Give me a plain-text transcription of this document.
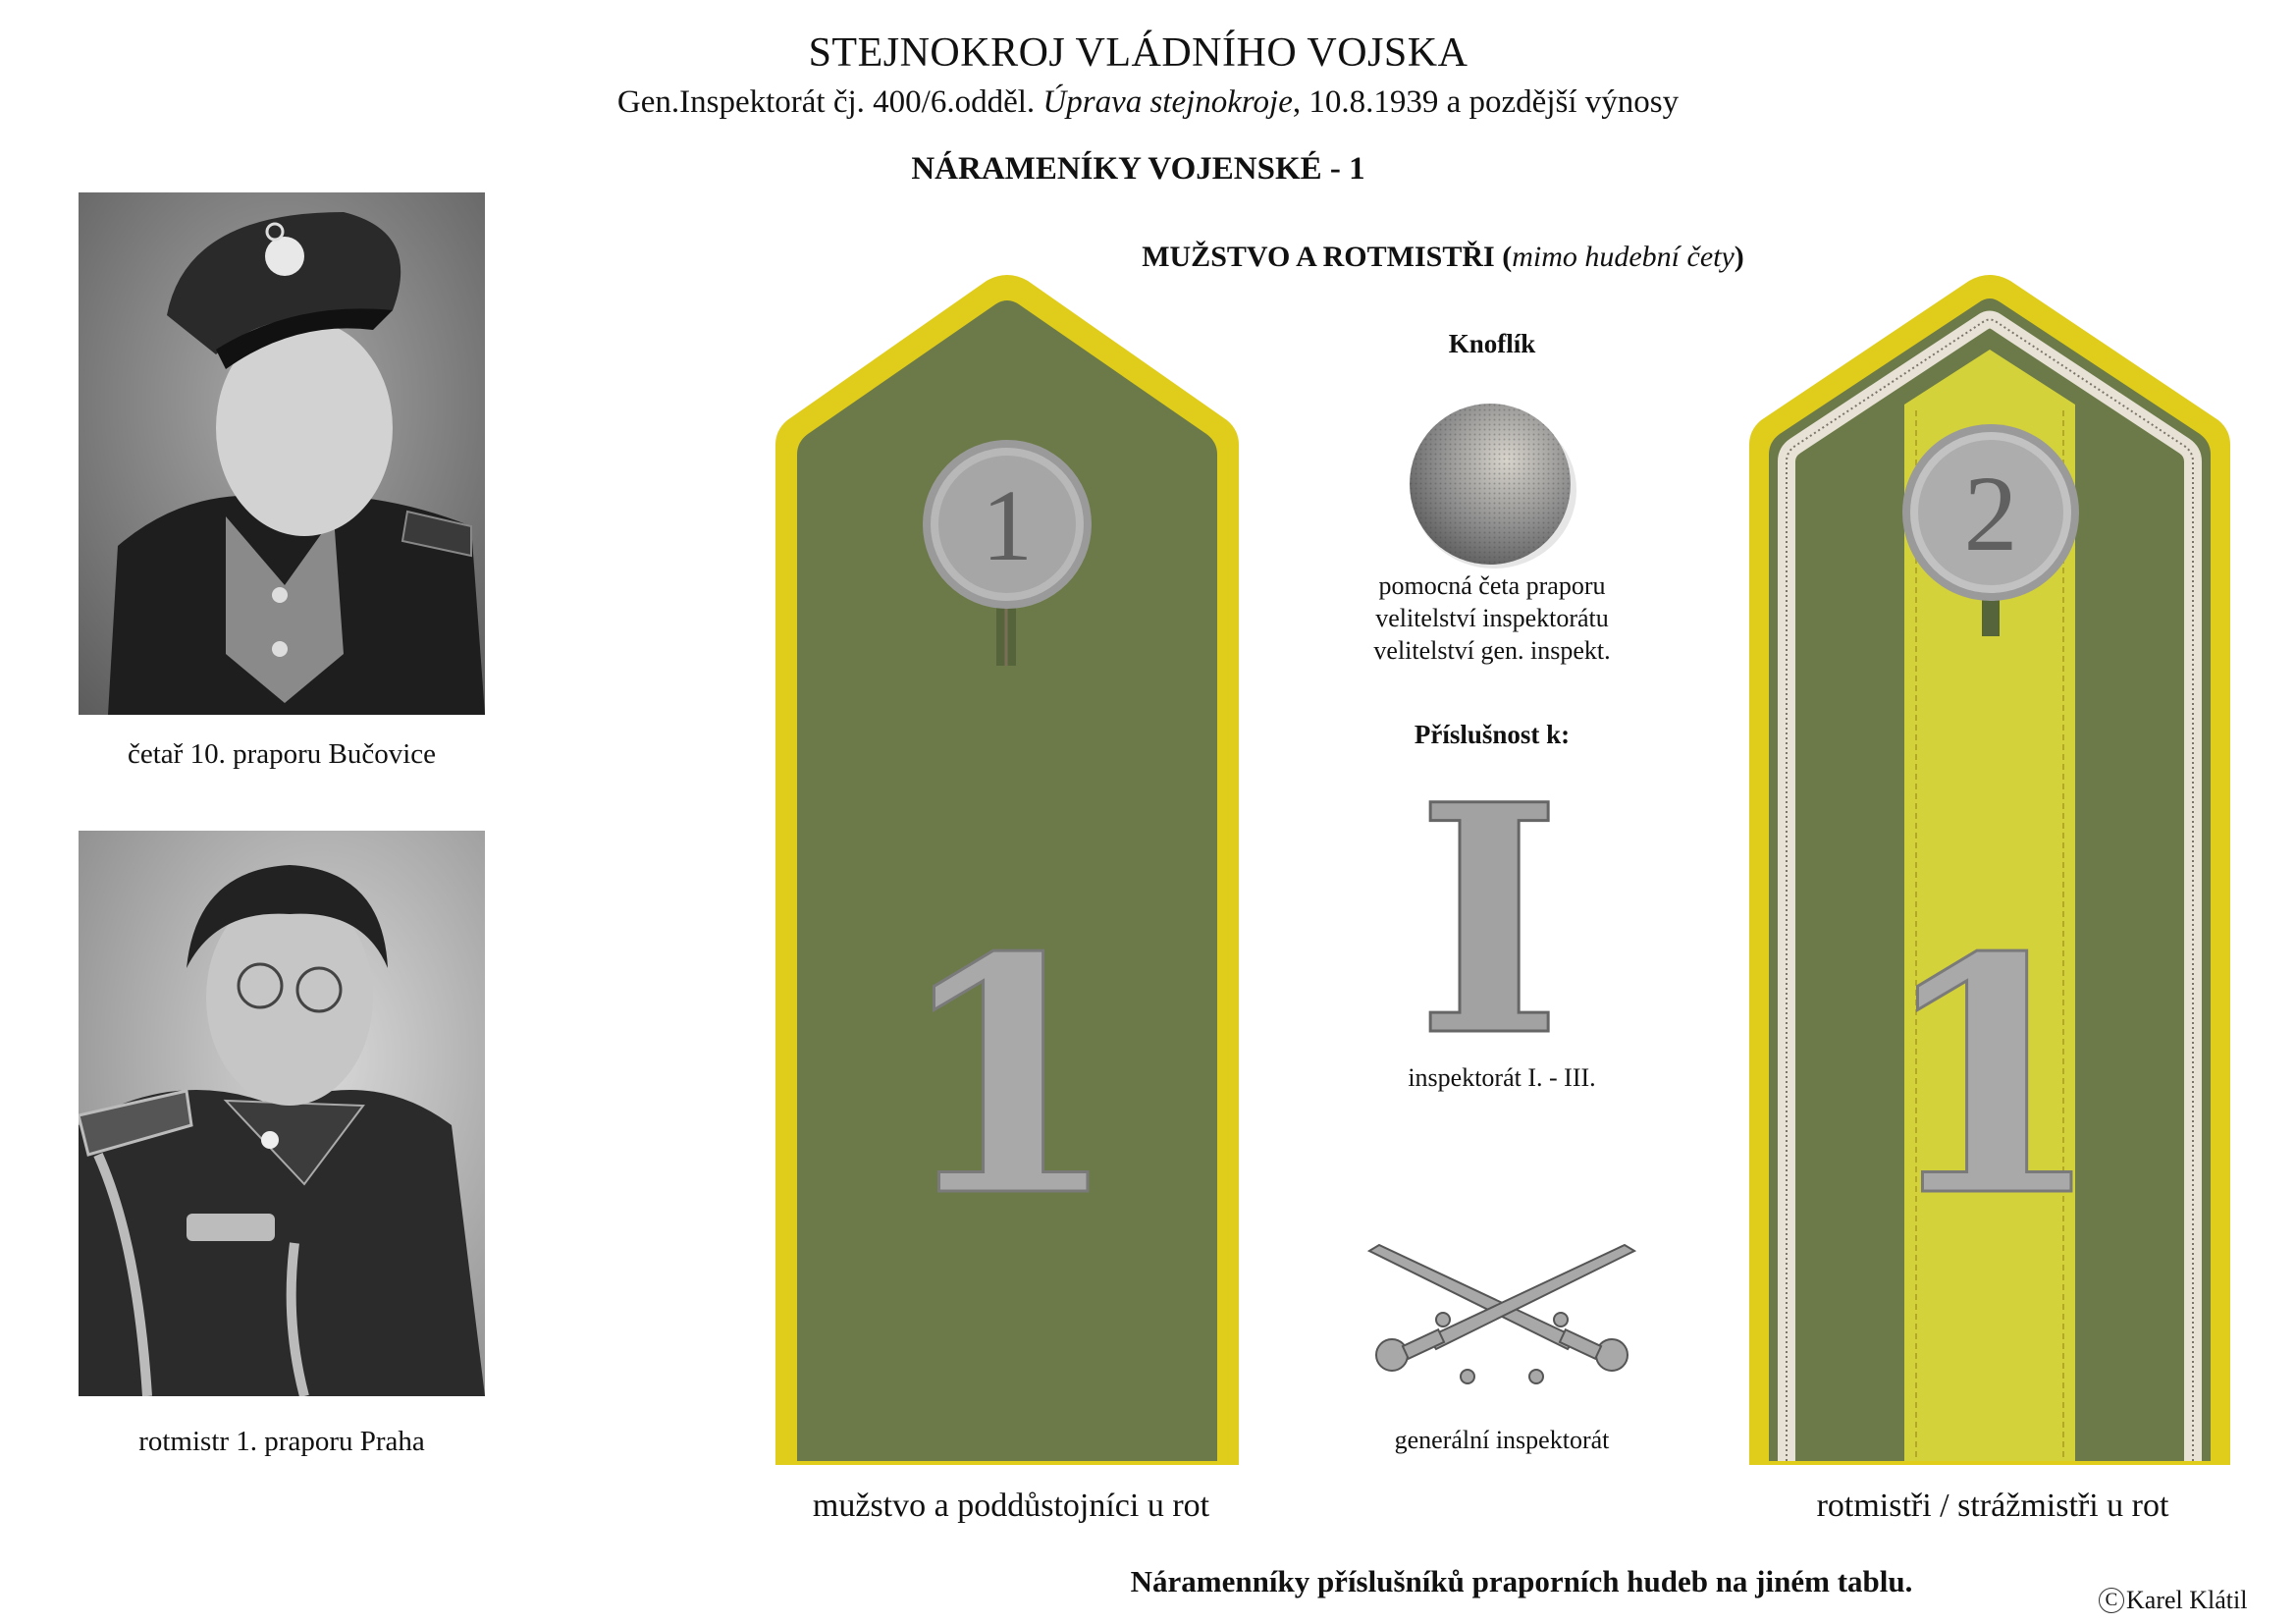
STEJNOKROJ VLÁDNÍHO VOJSKA
Gen.Inspektorát čj. 400/6.odděl. Úprava stejnokroje, 10.8.1939 a pozdější výnosy
NÁRAMENÍKY VOJENSKÉ - 1
četař 10. praporu Bučovice
rotmistr 1. praporu Praha
1
1
mužstvo a poddůstojníci u rot
2
1
rotmistři / strážmistři u rot
MUŽSTVO A ROTMISTŘI (mimo hudební čety)
Knoflík
pomocná četa praporu
velitelství inspektorátu
velitelství gen. inspekt.
Příslušnost k:
I
inspektorát I. - III.
generální inspektorát
Náramenníky příslušníků praporních hudeb na jiném tablu.
C Karel Klátil
